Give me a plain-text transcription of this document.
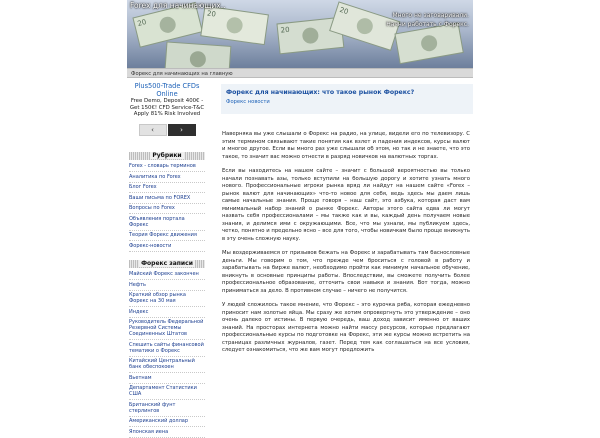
20
20
20
20
Forex для начинающих..
Много не заговаривали. Начни работать с Форекс.
Форекс для начинающих на главную
Plus500-Trade CFDs Online
Free Demo, Deposit 400€ - Get 150€! CFD Service-T&C Apply 81% Risk Involved
‹	›
Рубрики
Forex - словарь терминов
Аналитика по Forex
Блог Forex
Ваши письма по FOREX
Вопросы по Forex
Объявления портала Форекс
Теория Форекс движения
Форекс-новости
Форекс записи
Майский Форекс закончен
Нефть
Краткий обзор рынка Форекс на 30 мая
Индекс
Руководитель Федеральной Резервной Системы Соединенных Штатов
Спешить сайты финансовой тематики о Форекс
Китайский Центральный банк обеспокоен
Вьетнам
Департамент Статистики США
Британский фунт стерлингов
Американский доллар
Японская иена
Форекс для начинающих: что такое рынок Форекс?
Форекс новости

Наверняка вы уже слышали о Форекс на радио, на улице, видели его по телевизору. С этим термином связывают такие понятия как взлет и падения индексов, курсы валют и многое другое. Если вы много раз уже слышали об этом, но так и не знаете, что это такое, то значит вас можно отнести в разряд новичков на валютных торгах.

Если вы находитесь на нашем сайте – значит с большой вероятностью вы только начали познавать азы, только вступили на большую дорогу и хотите узнать много нового. Профессиональные игроки рынка вряд ли найдут на нашем сайте «Forex – рынок валют для начинающих» что-то новое для себя, ведь здесь мы даем лишь самые начальные знания. Проще говоря – наш сайт, это азбука, которая даст вам минимальный набор знаний о рынке Форекс. Авторы этого сайта едва ли могут назвать себя профессионалами – мы также как и вы, каждый день получаем новые знания, и делимся ими с окружающими. Все, что мы узнали, мы публикуем здесь, четко, понятно и предельно ясно – все для того, чтобы новичкам было проще вникнуть в эту очень сложную науку.

Мы воздерживаемся от призывов бежать на Форекс и зарабатывать там баснословные деньги. Мы говорим о том, что прежде чем броситься с головой в работу и зарабатывать на бирже валют, необходимо пройти как минимум начальное обучение, вникнуть в основные принципы работы. Впоследствии, вы сможете получить более профессиональное образование, отточить свои навыки и знания. Вот тогда, можно приниматься за дело. В противном случае – ничего не получится.

У людей сложилось такое мнение, что Форекс – это курочка ряба, которая ежедневно приносит нам золотые яйца. Мы сразу же хотим опровергнуть это утверждение – оно очень далеко от истины. В первую очередь, ваш доход зависит именно от ваших знаний. На просторах интернета можно найти массу ресурсов, которые предлагают профессиональные курсы по подготовке на Форекс, эти же курсы можно встретить на страницах различных журналов, газет. Перед тем как соглашаться на все условия, следует ознакомиться, что же вам могут предложить
